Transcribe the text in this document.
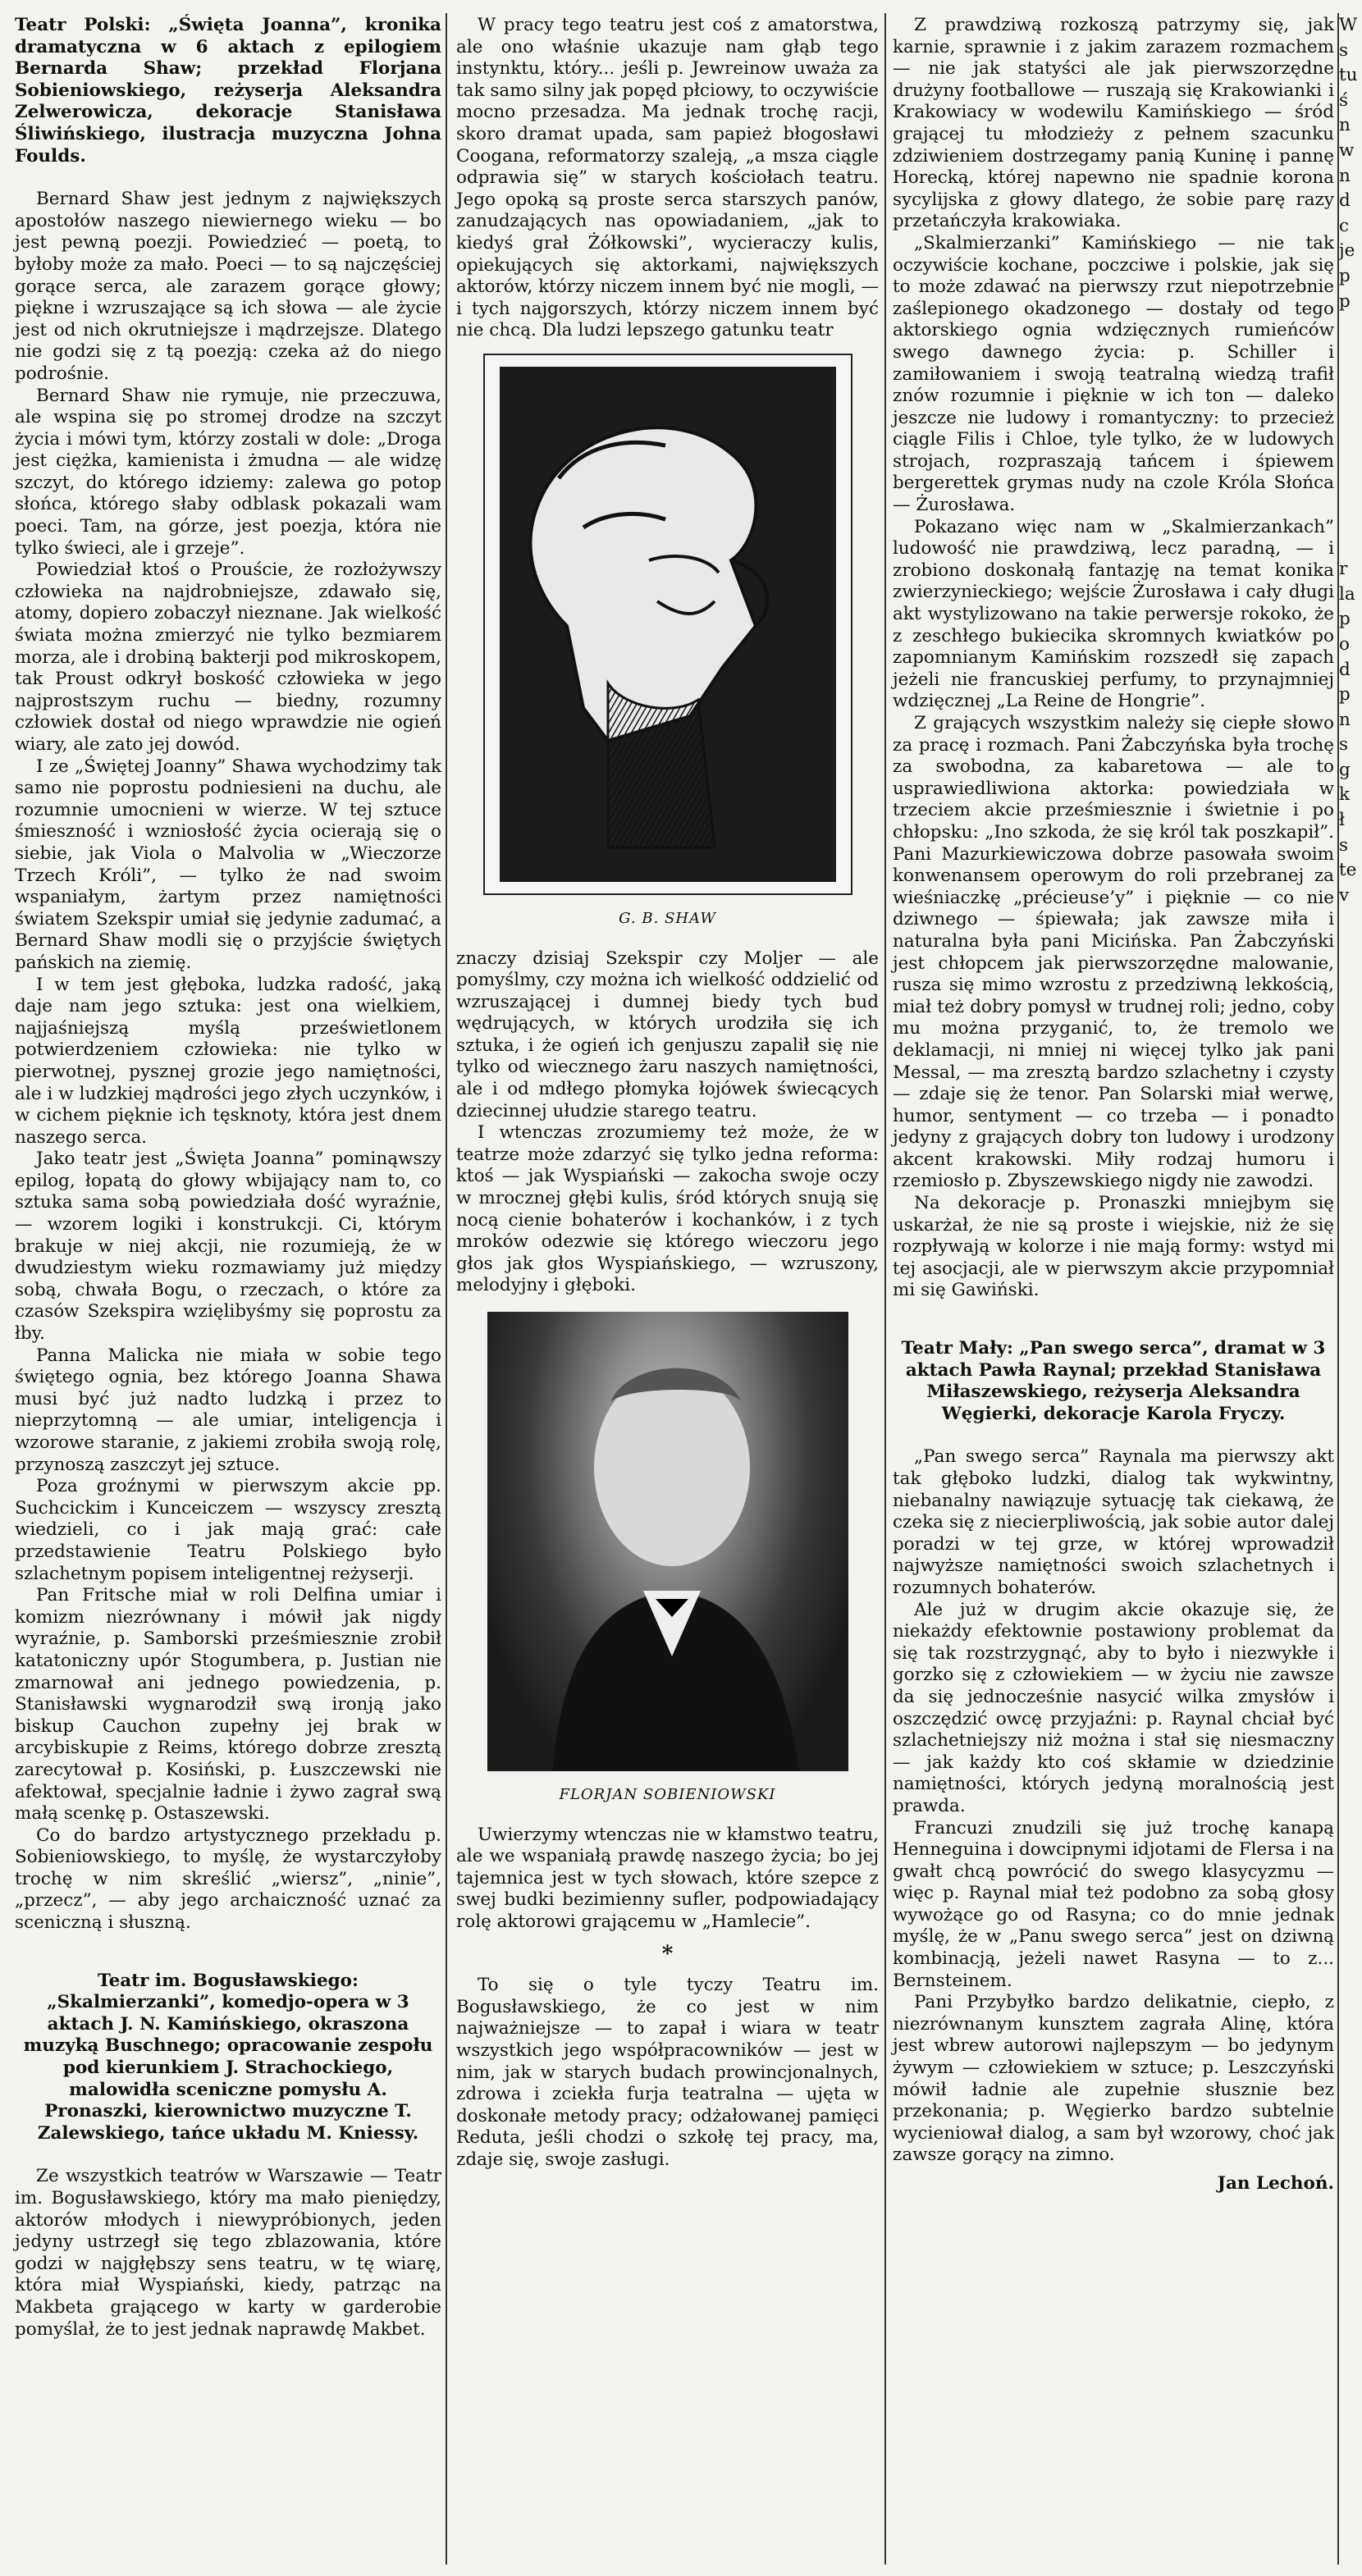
Teatr Polski: „Święta Joanna”, kronika dramatyczna w 6 aktach z epilogiem Bernarda Shaw; przekład Florjana Sobieniowskiego, reżyserja Aleksandra Zelwerowicza, dekoracje Stanisława Śliwińskiego, ilustracja muzyczna Johna Foulds.

Bernard Shaw jest jednym z największych apostołów naszego niewiernego wieku — bo jest pewną poezji. Powiedzieć — poetą, to byłoby może za mało. Poeci — to są najczęściej gorące serca, ale zarazem gorące głowy; piękne i wzruszające są ich słowa — ale życie jest od nich okrutniejsze i mądrzejsze. Dlatego nie godzi się z tą poezją: czeka aż do niego podrośnie.

Bernard Shaw nie rymuje, nie przeczuwa, ale wspina się po stromej drodze na szczyt życia i mówi tym, którzy zostali w dole: „Droga jest ciężka, kamienista i żmudna — ale widzę szczyt, do którego idziemy: zalewa go potop słońca, którego słaby odblask pokazali wam poeci. Tam, na górze, jest poezja, która nie tylko świeci, ale i grzeje”.

Powiedział ktoś o Prouście, że rozłożywszy człowieka na najdrobniejsze, zdawało się, atomy, dopiero zobaczył nieznane. Jak wielkość świata można zmierzyć nie tylko bezmiarem morza, ale i drobiną bakterji pod mikroskopem, tak Proust odkrył boskość człowieka w jego najprostszym ruchu — biedny, rozumny człowiek dostał od niego wprawdzie nie ogień wiary, ale zato jej dowód.

I ze „Świętej Joanny” Shawa wychodzimy tak samo nie poprostu podniesieni na duchu, ale rozumnie umocnieni w wierze. W tej sztuce śmieszność i wzniosłość życia ocierają się o siebie, jak Viola o Malvolia w „Wieczorze Trzech Króli”, — tylko że nad swoim wspaniałym, żartym przez namiętności światem Szekspir umiał się jedynie zadumać, a Bernard Shaw modli się o przyjście świętych pańskich na ziemię.

I w tem jest głęboka, ludzka radość, jaką daje nam jego sztuka: jest ona wielkiem, najjaśniejszą myślą prześwietlonem potwierdzeniem człowieka: nie tylko w pierwotnej, pysznej grozie jego namiętności, ale i w ludzkiej mądrości jego złych uczynków, i w cichem pięknie ich tęsknoty, która jest dnem naszego serca.

Jako teatr jest „Święta Joanna” pominąwszy epilog, łopatą do głowy wbijający nam to, co sztuka sama sobą powiedziała dość wyraźnie, — wzorem logiki i konstrukcji. Ci, którym brakuje w niej akcji, nie rozumieją, że w dwudziestym wieku rozmawiamy już między sobą, chwała Bogu, o rzeczach, o które za czasów Szekspira wzięlibyśmy się poprostu za łby.

Panna Malicka nie miała w sobie tego świętego ognia, bez którego Joanna Shawa musi być już nadto ludzką i przez to nieprzytomną — ale umiar, inteligencja i wzorowe staranie, z jakiemi zrobiła swoją rolę, przynoszą zaszczyt jej sztuce.

Poza groźnymi w pierwszym akcie pp. Suchcickim i Kunceiczem — wszyscy zresztą wiedzieli, co i jak mają grać: całe przedstawienie Teatru Polskiego było szlachetnym popisem inteligentnej reżyserji.

Pan Fritsche miał w roli Delfina umiar i komizm niezrównany i mówił jak nigdy wyraźnie, p. Samborski prześmiesznie zrobił katatoniczny upór Stogumbera, p. Justian nie zmarnował ani jednego powiedzenia, p. Stanisławski wygnarodził swą ironją jako biskup Cauchon zupełny jej brak w arcybiskupie z Reims, którego dobrze zresztą zarecytował p. Kosiński, p. Łuszczewski nie afektował, specjalnie ładnie i żywo zagrał swą małą scenkę p. Ostaszewski.

Co do bardzo artystycznego przekładu p. Sobieniowskiego, to myślę, że wystarczyłoby trochę w nim skreślić „wiersz”, „ninie”, „przecz”, — aby jego archaiczność uznać za sceniczną i słuszną.

Teatr im. Bogusławskiego: „Skalmierzanki”, komedjo-opera w 3 aktach J. N. Kamińskiego, okraszona muzyką Buschnego; opracowanie zespołu pod kierunkiem J. Strachockiego, malowidła sceniczne pomysłu A. Pronaszki, kierownictwo muzyczne T. Zalewskiego, tańce układu M. Kniessy.

Ze wszystkich teatrów w Warszawie — Teatr im. Bogusławskiego, który ma mało pieniędzy, aktorów młodych i niewypróbionych, jeden jedyny ustrzegł się tego zblazowania, które godzi w najgłębszy sens teatru, w tę wiarę, która miał Wyspiański, kiedy, patrząc na Makbeta grającego w karty w garderobie pomyślał, że to jest jednak naprawdę Makbet.

W pracy tego teatru jest coś z amatorstwa, ale ono właśnie ukazuje nam głąb tego instynktu, który... jeśli p. Jewreinow uważa za tak samo silny jak popęd płciowy, to oczywiście mocno przesadza. Ma jednak trochę racji, skoro dramat upada, sam papież błogosławi Coogana, reformatorzy szaleją, „a msza ciągle odprawia się” w starych kościołach teatru. Jego opoką są proste serca starszych panów, zanudzających nas opowiadaniem, „jak to kiedyś grał Żółkowski”, wycieraczy kulis, opiekujących się aktorkami, największych aktorów, którzy niczem innem być nie mogli, — i tych najgorszych, którzy niczem innem być nie chcą. Dla ludzi lepszego gatunku teatr

G. B. SHAW

znaczy dzisiaj Szekspir czy Moljer — ale pomyślmy, czy można ich wielkość oddzielić od wzruszającej i dumnej biedy tych bud wędrujących, w których urodziła się ich sztuka, i że ogień ich genjuszu zapalił się nie tylko od wiecznego żaru naszych namiętności, ale i od mdłego płomyka łojówek świecących dziecinnej ułudzie starego teatru.

I wtenczas zrozumiemy też może, że w teatrze może zdarzyć się tylko jedna reforma: ktoś — jak Wyspiański — zakocha swoje oczy w mrocznej głębi kulis, śród których snują się nocą cienie bohaterów i kochanków, i z tych mroków odezwie się którego wieczoru jego głos jak głos Wyspiańskiego, — wzruszony, melodyjny i głęboki.

FLORJAN SOBIENIOWSKI

Uwierzymy wtenczas nie w kłamstwo teatru, ale we wspaniałą prawdę naszego życia; bo jej tajemnica jest w tych słowach, które szepce z swej budki bezimienny sufler, podpowiadający rolę aktorowi grającemu w „Hamlecie”.

*

To się o tyle tyczy Teatru im. Bogusławskiego, że co jest w nim najważniejsze — to zapał i wiara w teatr wszystkich jego współpracowników — jest w nim, jak w starych budach prowincjonalnych, zdrowa i zciekła furja teatralna — ujęta w doskonałe metody pracy; odżałowanej pamięci Reduta, jeśli chodzi o szkołę tej pracy, ma, zdaje się, swoje zasługi.

Z prawdziwą rozkoszą patrzymy się, jak karnie, sprawnie i z jakim zarazem rozmachem — nie jak statyści ale jak pierwszorzędne drużyny footballowe — ruszają się Krakowianki i Krakowiacy w wodewilu Kamińskiego — śród grającej tu młodzieży z pełnem szacunku zdziwieniem dostrzegamy panią Kuninę i pannę Horecką, której napewno nie spadnie korona sycylijska z głowy dlatego, że sobie parę razy przetańczyła krakowiaka.

„Skalmierzanki” Kamińskiego — nie tak oczywiście kochane, poczciwe i polskie, jak się to może zdawać na pierwszy rzut niepotrzebnie zaślepionego okadzonego — dostały od tego aktorskiego ognia wdzięcznych rumieńców swego dawnego życia: p. Schiller i zamiłowaniem i swoją teatralną wiedzą trafił znów rozumnie i pięknie w ich ton — daleko jeszcze nie ludowy i romantyczny: to przecież ciągle Filis i Chloe, tyle tylko, że w ludowych strojach, rozpraszają tańcem i śpiewem bergerettek grymas nudy na czole Króla Słońca — Żurosława.

Pokazano więc nam w „Skalmierzankach” ludowość nie prawdziwą, lecz paradną, — i zrobiono doskonałą fantazję na temat konika zwierzynieckiego; wejście Żurosława i cały długi akt wystylizowano na takie perwersje rokoko, że z zeschłego bukiecika skromnych kwiatków po zapomnianym Kamińskim rozszedł się zapach jeżeli nie francuskiej perfumy, to przynajmniej wdzięcznej „La Reine de Hongrie”.

Z grających wszystkim należy się ciepłe słowo za pracę i rozmach. Pani Żabczyńska była trochę za swobodna, za kabaretowa — ale to usprawiedliwiona aktorka: powiedziała w trzeciem akcie prześmiesznie i świetnie i po chłopsku: „Ino szkoda, że się król tak poszkapił”. Pani Mazurkiewiczowa dobrze pasowała swoim konwenansem operowym do roli przebranej za wieśniaczkę „précieuse’y” i pięknie — co nie dziwnego — śpiewała; jak zawsze miła i naturalna była pani Micińska. Pan Żabczyński jest chłopcem jak pierwszorzędne malowanie, rusza się mimo wzrostu z przedziwną lekkością, miał też dobry pomysł w trudnej roli; jedno, coby mu można przyganić, to, że tremolo we deklamacji, ni mniej ni więcej tylko jak pani Messal, — ma zresztą bardzo szlachetny i czysty — zdaje się że tenor. Pan Solarski miał werwę, humor, sentyment — co trzeba — i ponadto jedyny z grających dobry ton ludowy i urodzony akcent krakowski. Miły rodzaj humoru i rzemiosło p. Zbyszewskiego nigdy nie zawodzi.

Na dekoracje p. Pronaszki mniejbym się uskarżał, że nie są proste i wiejskie, niż że się rozpływają w kolorze i nie mają formy: wstyd mi tej asocjacji, ale w pierwszym akcie przypomniał mi się Gawiński.

Teatr Mały: „Pan swego serca”, dramat w 3 aktach Pawła Raynal; przekład Stanisława Miłaszewskiego, reżyserja Aleksandra Węgierki, dekoracje Karola Fryczy.

„Pan swego serca” Raynala ma pierwszy akt tak głęboko ludzki, dialog tak wykwintny, niebanalny nawiązuje sytuację tak ciekawą, że czeka się z niecierpliwością, jak sobie autor dalej poradzi w tej grze, w której wprowadził najwyższe namiętności swoich szlachetnych i rozumnych bohaterów.

Ale już w drugim akcie okazuje się, że niekażdy efektownie postawiony problemat da się tak rozstrzygnąć, aby to było i niezwykłe i gorzko się z człowiekiem — w życiu nie zawsze da się jednocześnie nasycić wilka zmysłów i oszczędzić owcę przyjaźni: p. Raynal chciał być szlachetniejszy niż można i stał się niesmaczny — jak każdy kto coś skłamie w dziedzinie namiętności, których jedyną moralnością jest prawda.

Francuzi znudzili się już trochę kanapą Henneguina i dowcipnymi idjotami de Flersa i na gwałt chcą powrócić do swego klasycyzmu — więc p. Raynal miał też podobno za sobą głosy wywożące go od Rasyna; co do mnie jednak myślę, że w „Panu swego serca” jest on dziwną kombinacją, jeżeli nawet Rasyna — to z... Bernsteinem.

Pani Przybyłko bardzo delikatnie, ciepło, z niezrównanym kunsztem zagrała Alinę, która jest wbrew autorowi najlepszym — bo jedynym żywym — człowiekiem w sztuce; p. Leszczyński mówił ładnie ale zupełnie słusznie bez przekonania; p. Węgierko bardzo subtelnie wycieniował dialog, a sam był wzorowy, choć jak zawsze gorący na zimno.

Jan Lechoń.

W

s

tu

ś

n

w

n

d

c

je

p

p

r

la

p

o

d

p

n

s

g

k

ł

s

te

v
